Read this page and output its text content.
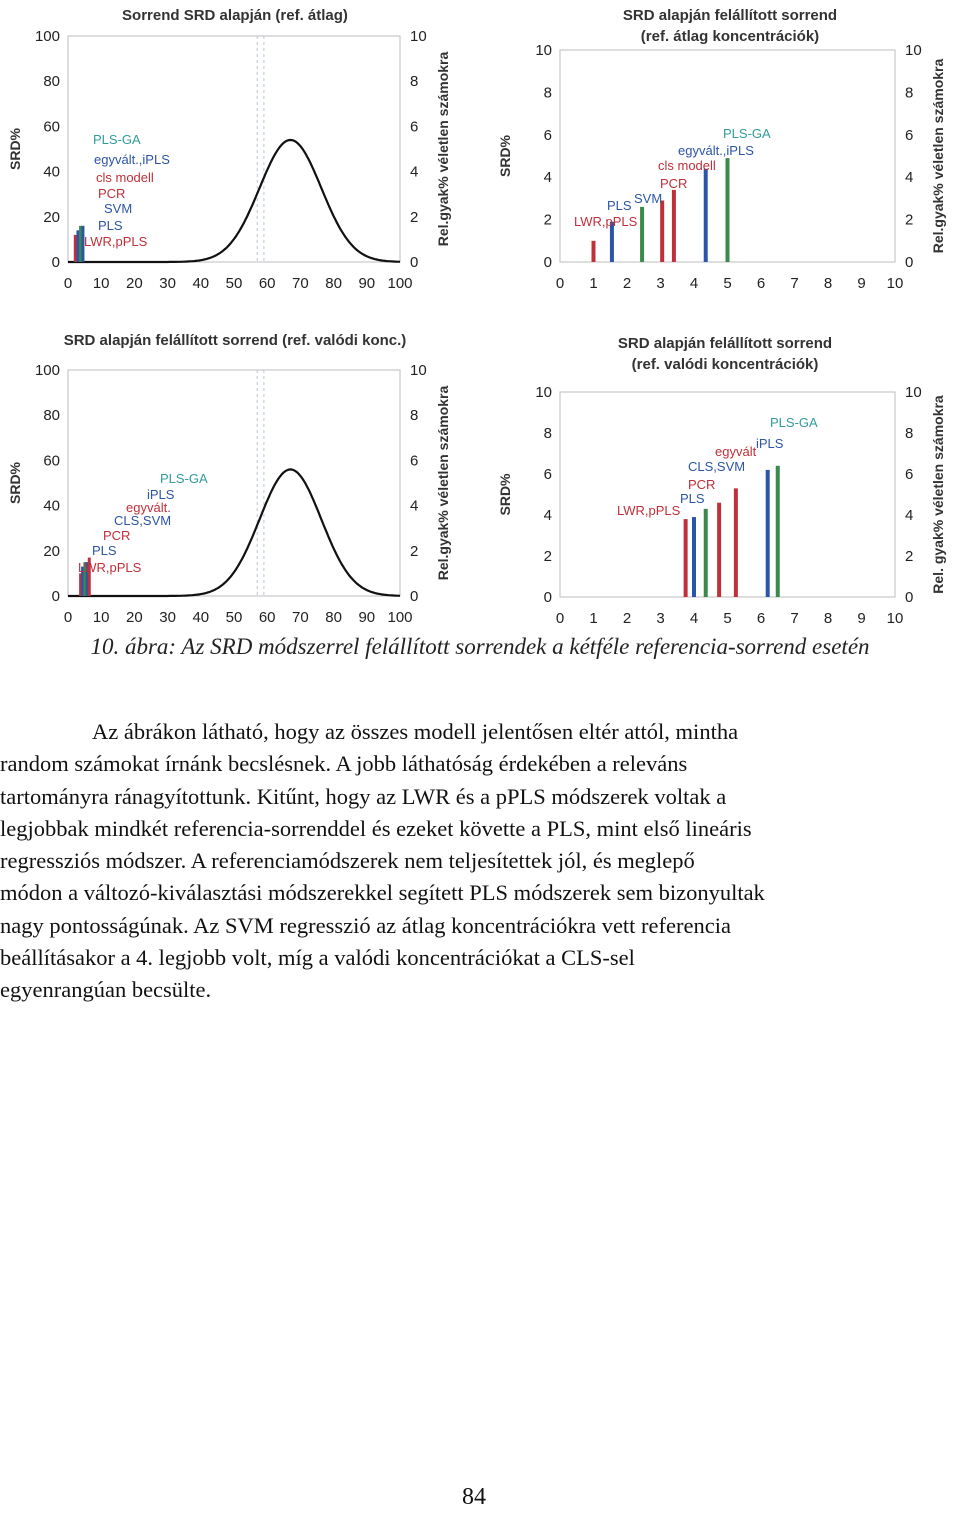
Sorrend SRD alapján (ref. átlag)
0
20
40
60
80
100
0
2
4
6
8
10
0 10 20 30 40 50 60 70 80 90 100
SRD%	Rel.gyak% véletlen számokra
PLS-GA
egyvált.,iPLS
cls modell
PCR
SVM
PLS
LWR,pPLS
SRD alapján felállított sorrend
(ref. átlag koncentrációk)
0
2
4
6
8
10
0
2
4
6
8
10
0 1 2 3 4 5 6 7 8 9 10
SRD%	Rel.gyak% véletlen számokra
PLS-GA
egyvált.,iPLS
cls modell
PCR
SVM
PLS
LWR,pPLS
SRD alapján felállított sorrend (ref. valódi konc.)
0
20
40
60
80
100
0
2
4
6
8
10
0 10 20 30 40 50 60 70 80 90 100
SRD%	Rel.gyak% véletlen számokra
PLS-GA
iPLS
egyvált.
CLS,SVM
PCR
PLS
LWR,pPLS
SRD alapján felállított sorrend
(ref. valódi koncentrációk)
0
2
4
6
8
10
0
2
4
6
8
10
0 1 2 3 4 5 6 7 8 9 10
SRD%	Rel. gyak% véletlen számokra
PLS-GA
iPLS
egyvált
CLS,SVM
PCR
PLS
LWR,pPLS
10. ábra: Az SRD módszerrel felállított sorrendek a kétféle referencia-sorrend esetén

Az ábrákon látható, hogy az összes modell jelentősen eltér attól, mintha
random számokat írnánk becslésnek. A jobb láthatóság érdekében a releváns
tartományra ránagyítottunk. Kitűnt, hogy az LWR és a pPLS módszerek voltak a
legjobbak mindkét referencia-sorrenddel és ezeket követte a PLS, mint első lineáris
regressziós módszer. A referenciamódszerek nem teljesítettek jól, és meglepő
módon a változó-kiválasztási módszerekkel segített PLS módszerek sem bizonyultak
nagy pontosságúnak. Az SVM regresszió az átlag koncentrációkra vett referencia
beállításakor a 4. legjobb volt, míg a valódi koncentrációkat a CLS-sel
egyenrangúan becsülte.

84
